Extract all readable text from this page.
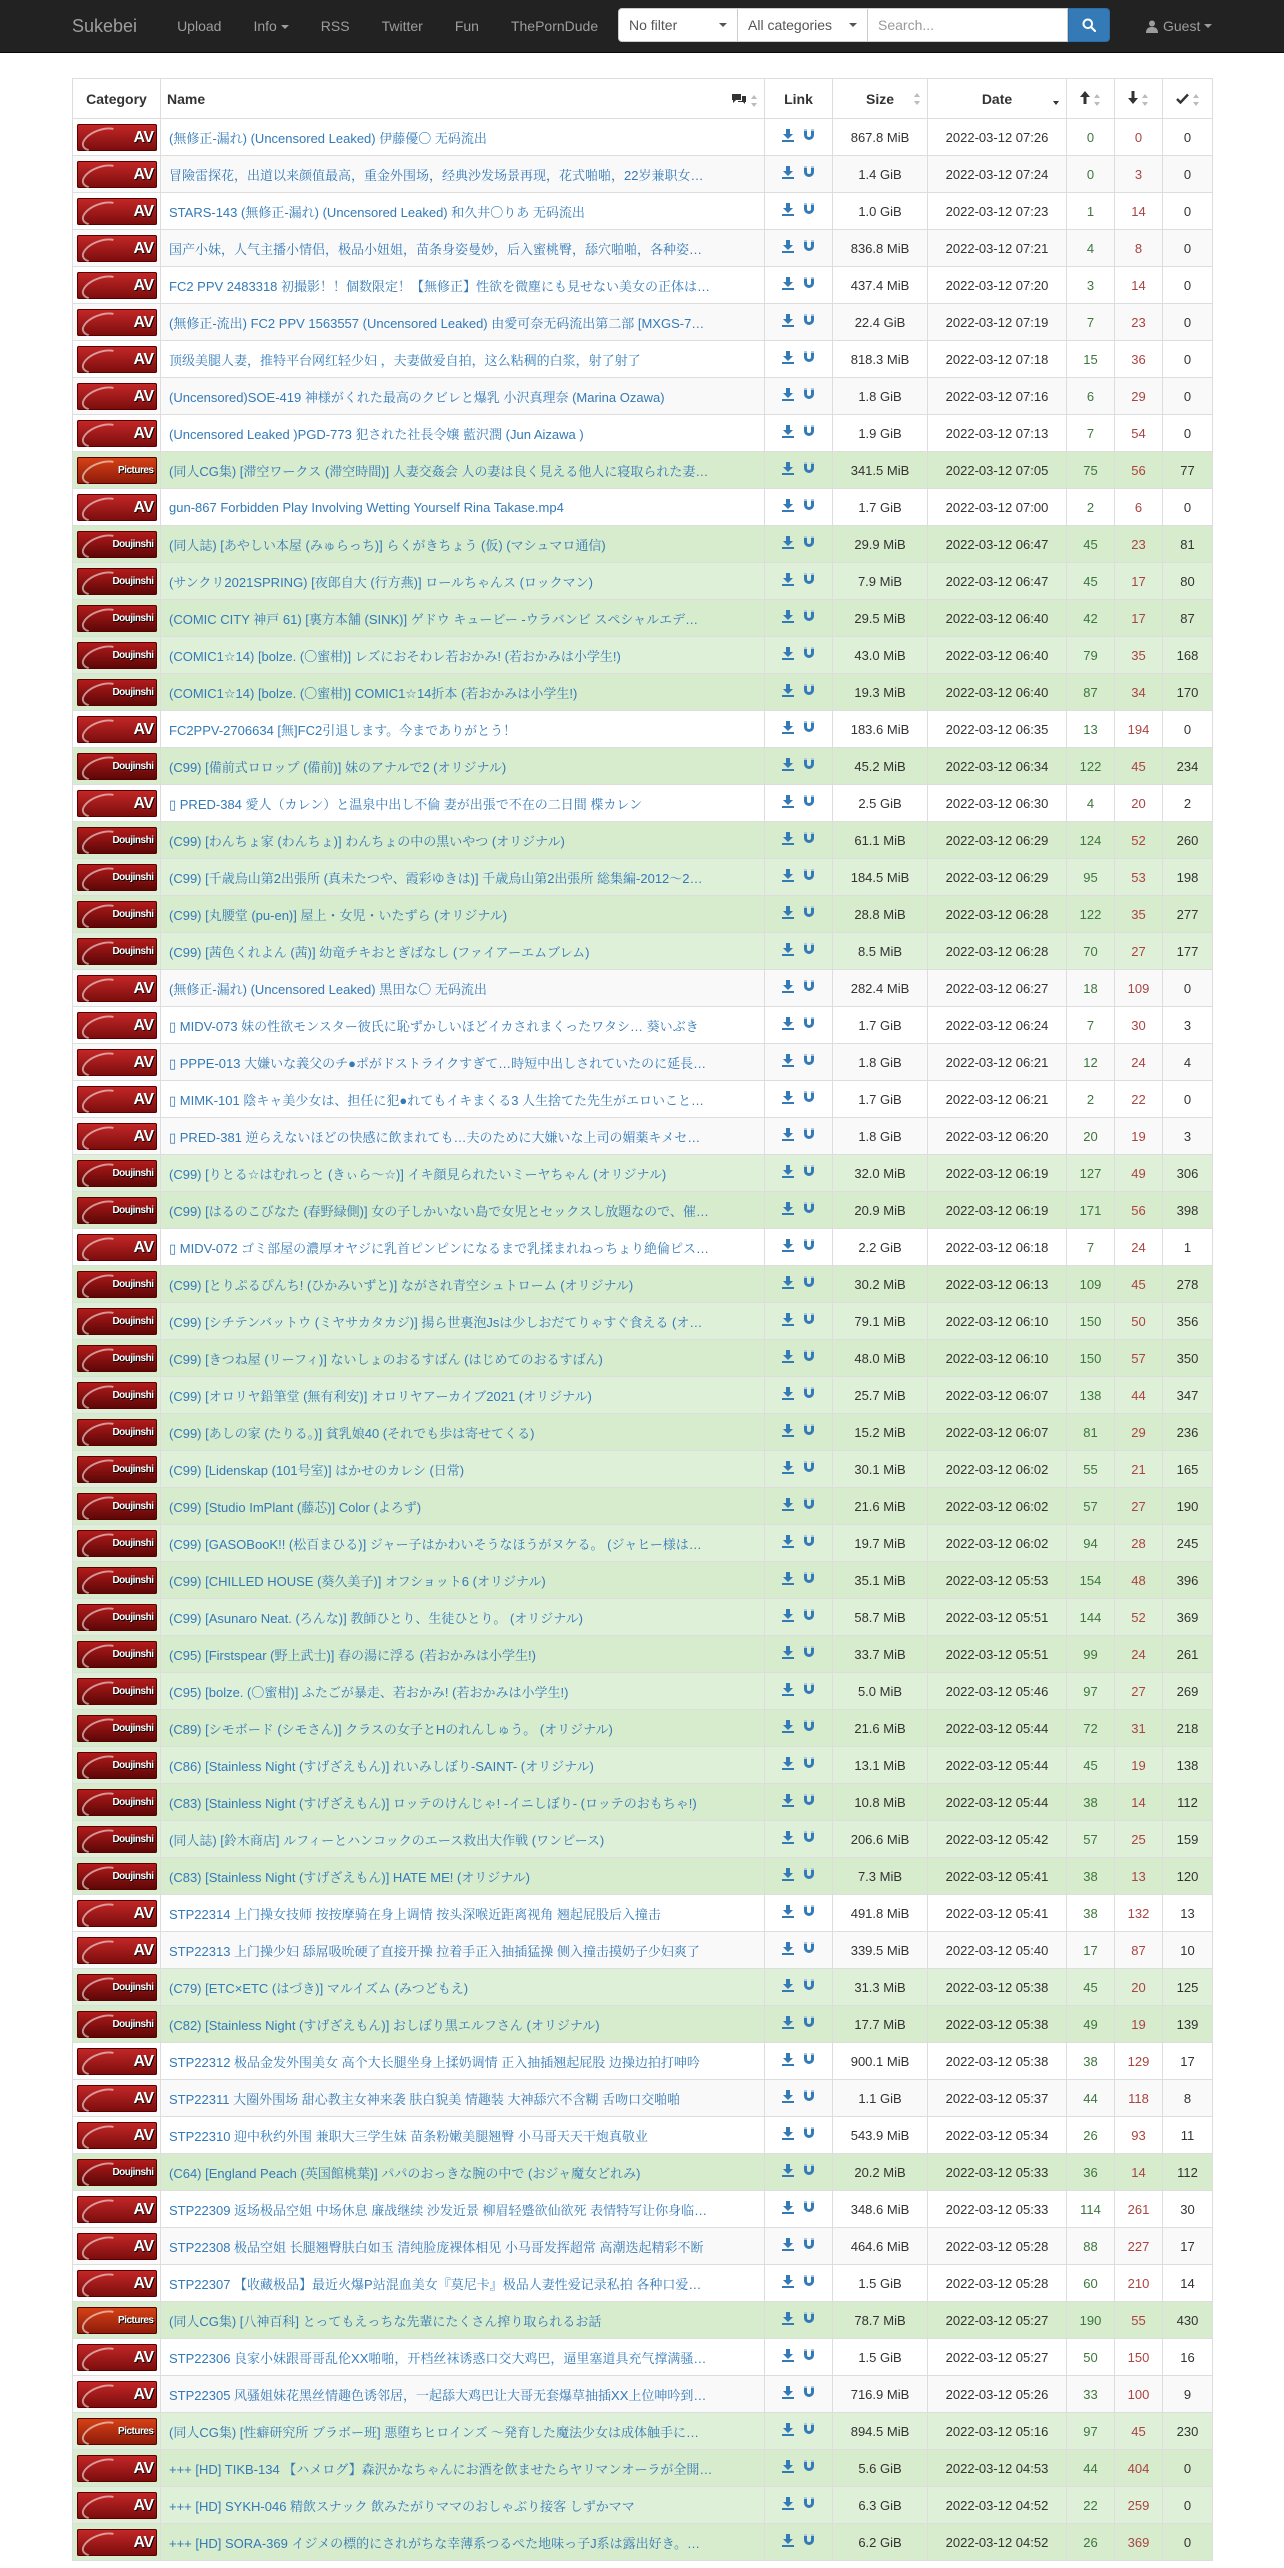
Sukebei	Upload	Info	RSS	Twitter	Fun	ThePornDude	No filter	All categories
Search...	Guest
Category	Name	Link	Size	Date

AV	(無修正-漏れ) (Uncensored Leaked) 伊藤優〇 无码流出		867.8 MiB	2022-03-12 07:26	0	0	0

AV	冒險雷探花，出道以来颜值最高，重金外围场，经典沙发场景再现，花式啪啪，22岁兼职女…		1.4 GiB	2022-03-12 07:24	0	3	0

AV	STARS-143 (無修正-漏れ) (Uncensored Leaked) 和久井〇りあ 无码流出		1.0 GiB	2022-03-12 07:23	1	14	0

AV	国产小妹，人气主播小情侣，极品小妞姐，苗条身姿曼妙，后入蜜桃臀，舔穴啪啪，各种姿…		836.8 MiB	2022-03-12 07:21	4	8	0

AV	FC2 PPV 2483318 初撮影！！個数限定！【無修正】性欲を微塵にも見せない美女の正体は…		437.4 MiB	2022-03-12 07:20	3	14	0

AV	(無修正-流出) FC2 PPV 1563557 (Uncensored Leaked) 由愛可奈无码流出第二部 [MXGS-7…		22.4 GiB	2022-03-12 07:19	7	23	0

AV	顶级美腿人妻，推特平台网红轻少妇 ，夫妻做爱自拍，这么粘稠的白浆，射了射了		818.3 MiB	2022-03-12 07:18	15	36	0

AV	(Uncensored)SOE-419 神様がくれた最高のクビレと爆乳 小沢真理奈 (Marina Ozawa)		1.8 GiB	2022-03-12 07:16	6	29	0

AV	(Uncensored Leaked )PGD-773 犯された社長令嬢 藍沢潤 (Jun Aizawa )		1.9 GiB	2022-03-12 07:13	7	54	0

Pictures	(同人CG集) [滞空ワークス (滞空時間)] 人妻交姦会 人の妻は良く見える他人に寝取られた妻…		341.5 MiB	2022-03-12 07:05	75	56	77

AV	gun-867 Forbidden Play Involving Wetting Yourself Rina Takase.mp4		1.7 GiB	2022-03-12 07:00	2	6	0

Doujinshi	(同人誌) [あやしい本屋 (みゅらっち)] らくがきちょう (仮) (マシュマロ通信)		29.9 MiB	2022-03-12 06:47	45	23	81

Doujinshi	(サンクリ2021SPRING) [夜郎自大 (行方燕)] ロールちゃんス (ロックマン)		7.9 MiB	2022-03-12 06:47	45	17	80

Doujinshi	(COMIC CITY 神戸 61) [裏方本舗 (SINK)] ゲドウ キュービー -ウラバンビ スペシャルエデ…		29.5 MiB	2022-03-12 06:40	42	17	87

Doujinshi	(COMIC1☆14) [bolze. (〇蜜柑)] レズにおそわレ若おかみ! (若おかみは小学生!)		43.0 MiB	2022-03-12 06:40	79	35	168

Doujinshi	(COMIC1☆14) [bolze. (〇蜜柑)] COMIC1☆14折本 (若おかみは小学生!)		19.3 MiB	2022-03-12 06:40	87	34	170

AV	FC2PPV-2706634 [無]FC2引退します。今までありがとう！		183.6 MiB	2022-03-12 06:35	13	194	0

Doujinshi	(C99) [備前式ロロップ (備前)] 妹のアナルで2 (オリジナル)		45.2 MiB	2022-03-12 06:34	122	45	234

AV	▯ PRED-384 愛人（カレン）と温泉中出し不倫 妻が出張で不在の二日間 楪カレン		2.5 GiB	2022-03-12 06:30	4	20	2

Doujinshi	(C99) [わんちょ家 (わんちょ)] わんちょの中の黒いやつ (オリジナル)		61.1 MiB	2022-03-12 06:29	124	52	260

Doujinshi	(C99) [千歳烏山第2出張所 (真未たつや、霞彩ゆきは)] 千歳烏山第2出張所 総集編-2012～2…		184.5 MiB	2022-03-12 06:29	95	53	198

Doujinshi	(C99) [丸腰堂 (pu-en)] 屋上・女児・いたずら (オリジナル)		28.8 MiB	2022-03-12 06:28	122	35	277

Doujinshi	(C99) [茜色くれよん (茜)] 幼竜チキおとぎばなし (ファイアーエムブレム)		8.5 MiB	2022-03-12 06:28	70	27	177

AV	(無修正-漏れ) (Uncensored Leaked) 黒田な〇 无码流出		282.4 MiB	2022-03-12 06:27	18	109	0

AV	▯ MIDV-073 妹の性欲モンスター彼氏に恥ずかしいほどイカされまくったワタシ… 葵いぶき		1.7 GiB	2022-03-12 06:24	7	30	3

AV	▯ PPPE-013 大嫌いな義父のチ●ポがドストライクすぎて…時短中出しされていたのに延長…		1.8 GiB	2022-03-12 06:21	12	24	4

AV	▯ MIMK-101 陰キャ美少女は、担任に犯●れてもイキまくる3 人生捨てた先生がエロいこと…		1.7 GiB	2022-03-12 06:21	2	22	0

AV	▯ PRED-381 逆らえないほどの快感に飲まれても…夫のために大嫌いな上司の媚薬キメセ…		1.8 GiB	2022-03-12 06:20	20	19	3

Doujinshi	(C99) [りとる☆はむれっと (きぃら～☆)] イキ顔見られたいミーヤちゃん (オリジナル)		32.0 MiB	2022-03-12 06:19	127	49	306

Doujinshi	(C99) [はるのこびなた (春野緑側)] 女の子しかいない島で女児とセックスし放題なので、催…		20.9 MiB	2022-03-12 06:19	171	56	398

AV	▯ MIDV-072 ゴミ部屋の濃厚オヤジに乳首ピンピンになるまで乳揉まれねっちょり絶倫ピス…		2.2 GiB	2022-03-12 06:18	7	24	1

Doujinshi	(C99) [とりぷるぴんち! (ひかみいずと)] ながされ青空シュトローム (オリジナル)		30.2 MiB	2022-03-12 06:13	109	45	278

Doujinshi	(C99) [シチテンバットウ (ミヤサカタカジ)] 揚ら世裏泡Jsは少しおだてりゃすぐ食える (オ…		79.1 MiB	2022-03-12 06:10	150	50	356

Doujinshi	(C99) [きつね屋 (リーフィ)] ないしょのおるすばん (はじめてのおるすばん)		48.0 MiB	2022-03-12 06:10	150	57	350

Doujinshi	(C99) [オロリヤ鉛筆堂 (無有利安)] オロリヤアーカイブ2021 (オリジナル)		25.7 MiB	2022-03-12 06:07	138	44	347

Doujinshi	(C99) [あしの家 (たりる。)] 貧乳娘40 (それでも歩は寄せてくる)		15.2 MiB	2022-03-12 06:07	81	29	236

Doujinshi	(C99) [Lidenskap (101号室)] はかせのカレシ (日常)		30.1 MiB	2022-03-12 06:02	55	21	165

Doujinshi	(C99) [Studio ImPlant (藤芯)] Color (よろず)		21.6 MiB	2022-03-12 06:02	57	27	190

Doujinshi	(C99) [GASOBooK!! (松百まひる)] ジャー子はかわいそうなほうがヌケる。 (ジャヒー様は…		19.7 MiB	2022-03-12 06:02	94	28	245

Doujinshi	(C99) [CHILLED HOUSE (葵久美子)] オフショット6 (オリジナル)		35.1 MiB	2022-03-12 05:53	154	48	396

Doujinshi	(C99) [Asunaro Neat. (ろんな)] 教師ひとり、生徒ひとり。 (オリジナル)		58.7 MiB	2022-03-12 05:51	144	52	369

Doujinshi	(C95) [Firstspear (野上武士)] 春の湯に浮る (若おかみは小学生!)		33.7 MiB	2022-03-12 05:51	99	24	261

Doujinshi	(C95) [bolze. (〇蜜柑)] ふたごが暴走、若おかみ! (若おかみは小学生!)		5.0 MiB	2022-03-12 05:46	97	27	269

Doujinshi	(C89) [シモボード (シモさん)] クラスの女子とHのれんしゅう。 (オリジナル)		21.6 MiB	2022-03-12 05:44	72	31	218

Doujinshi	(C86) [Stainless Night (すげざえもん)] れいみしぼり-SAINT- (オリジナル)		13.1 MiB	2022-03-12 05:44	45	19	138

Doujinshi	(C83) [Stainless Night (すげざえもん)] ロッテのけんじゃ! -イニしぼり- (ロッテのおもちゃ!)		10.8 MiB	2022-03-12 05:44	38	14	112

Doujinshi	(同人誌) [鈴木商店] ルフィーとハンコックのエース救出大作戦 (ワンピース)		206.6 MiB	2022-03-12 05:42	57	25	159

Doujinshi	(C83) [Stainless Night (すげざえもん)] HATE ME! (オリジナル)		7.3 MiB	2022-03-12 05:41	38	13	120

AV	STP22314 上门操女技师 按按摩骑在身上调情 按头深喉近距离视角 翘起屁股后入撞击		491.8 MiB	2022-03-12 05:41	38	132	13

AV	STP22313 上门操少妇 舔屌吸吮硬了直接开操 拉着手正入抽插猛操 侧入撞击摸奶子少妇爽了		339.5 MiB	2022-03-12 05:40	17	87	10

Doujinshi	(C79) [ETC×ETC (はづき)] マルイズム (みつどもえ)		31.3 MiB	2022-03-12 05:38	45	20	125

Doujinshi	(C82) [Stainless Night (すげざえもん)] おしぼり黒エルフさん (オリジナル)		17.7 MiB	2022-03-12 05:38	49	19	139

AV	STP22312 极品金发外围美女 高个大长腿坐身上揉奶调情 正入抽插翘起屁股 边操边拍打呻吟		900.1 MiB	2022-03-12 05:38	38	129	17

AV	STP22311 大圈外围场 甜心教主女神来袭 肤白貌美 情趣装 大神舔穴不含糊 舌吻口交啪啪		1.1 GiB	2022-03-12 05:37	44	118	8

AV	STP22310 迎中秋约外围 兼职大三学生妹 苗条粉嫩美腿翘臀 小马哥天天干炮真敬业		543.9 MiB	2022-03-12 05:34	26	93	11

Doujinshi	(C64) [England Peach (英国館桃葉)] パパのおっきな腕の中で (おジャ魔女どれみ)		20.2 MiB	2022-03-12 05:33	36	14	112

AV	STP22309 返场极品空姐 中场休息 廉战继续 沙发近景 柳眉轻蹙欲仙欲死 表情特写让你身临…		348.6 MiB	2022-03-12 05:33	114	261	30

AV	STP22308 极品空姐 长腿翘臀肤白如玉 清纯脸庞裸体相见 小马哥发挥超常 高潮迭起精彩不断		464.6 MiB	2022-03-12 05:28	88	227	17

AV	STP22307 【收藏极品】最近火爆P站混血美女『莫尼卡』极品人妻性爱记录私拍 各种口爱…		1.5 GiB	2022-03-12 05:28	60	210	14

Pictures	(同人CG集) [八神百科] とってもえっちな先輩にたくさん搾り取られるお話		78.7 MiB	2022-03-12 05:27	190	55	430

AV	STP22306 良家小妹跟哥哥乱伦XX啪啪，开档丝袜诱惑口交大鸡巴，逼里塞道具充气撑满骚…		1.5 GiB	2022-03-12 05:27	50	150	16

AV	STP22305 风骚姐妹花黑丝情趣色诱邻居，一起舔大鸡巴让大哥无套爆草抽插XX上位呻吟到…		716.9 MiB	2022-03-12 05:26	33	100	9

Pictures	(同人CG集) [性癖研究所 ブラボー班] 悪堕ちヒロインズ ～発育した魔法少女は成体触手に…		894.5 MiB	2022-03-12 05:16	97	45	230

AV	+++ [HD] TIKB-134 【ハメログ】森沢かなちゃんにお酒を飲ませたらヤリマンオーラが全開…		5.6 GiB	2022-03-12 04:53	44	404	0

AV	+++ [HD] SYKH-046 精飲スナック 飲みたがりママのおしゃぶり接客 しずかママ		6.3 GiB	2022-03-12 04:52	22	259	0

AV	+++ [HD] SORA-369 イジメの標的にされがちな幸薄系つるぺた地味っ子J系は露出好き。…		6.2 GiB	2022-03-12 04:52	26	369	0
